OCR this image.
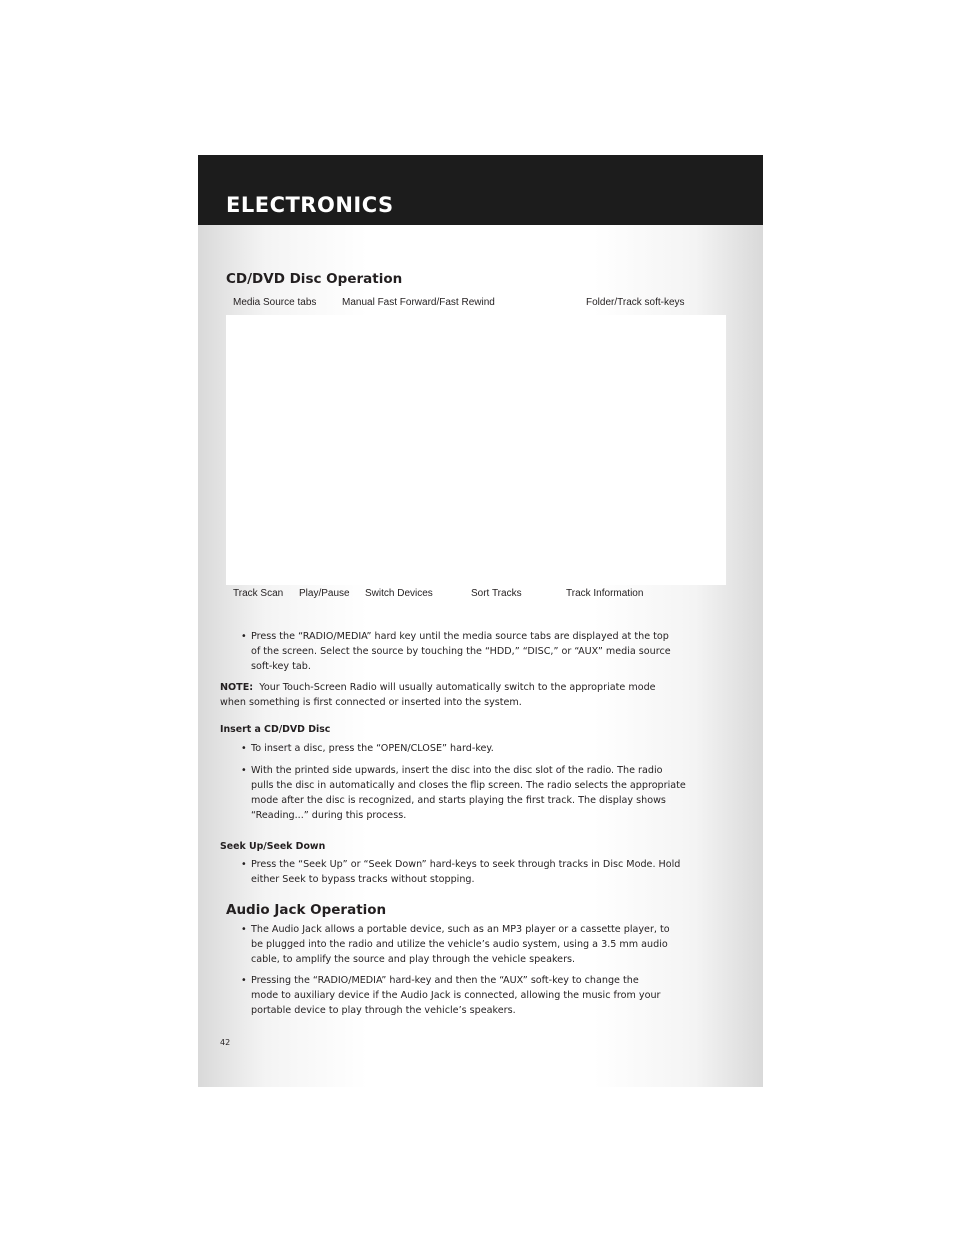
ELECTRONICS
CD/DVD Disc Operation
Media Source tabs	Manual Fast Forward/Fast Rewind	Folder/Track soft-keys
Track Scan Play/Pause Switch Devices	Sort Tracks	Track Information
• Press the “RADIO/MEDIA” hard key until the media source tabs are displayed at the top
of the screen. Select the source by touching the “HDD,” “DISC,” or “AUX” media source
soft-key tab.
NOTE: Your Touch-Screen Radio will usually automatically switch to the appropriate mode
when something is first connected or inserted into the system.
Insert a CD/DVD Disc
• To insert a disc, press the “OPEN/CLOSE” hard-key.
• With the printed side upwards, insert the disc into the disc slot of the radio. The radio
pulls the disc in automatically and closes the flip screen. The radio selects the appropriate
mode after the disc is recognized, and starts playing the first track. The display shows
“Reading...” during this process.
Seek Up/Seek Down
• Press the “Seek Up” or “Seek Down” hard-keys to seek through tracks in Disc Mode. Hold
either Seek to bypass tracks without stopping.
Audio Jack Operation
• The Audio Jack allows a portable device, such as an MP3 player or a cassette player, to
be plugged into the radio and utilize the vehicle’s audio system, using a 3.5 mm audio
cable, to amplify the source and play through the vehicle speakers.
• Pressing the “RADIO/MEDIA” hard-key and then the “AUX” soft-key to change the
mode to auxiliary device if the Audio Jack is connected, allowing the music from your
portable device to play through the vehicle’s speakers.
42
